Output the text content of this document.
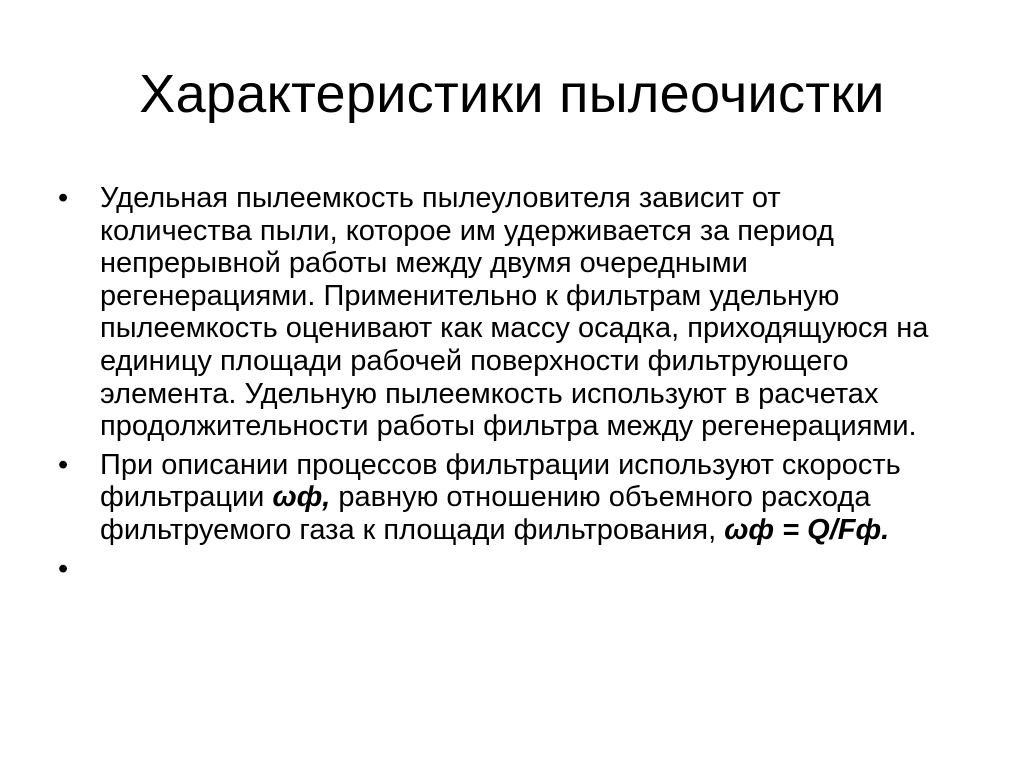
Характеристики пылеочистки
•	Удельная пылеемкость пылеуловителя зависит от количества пыли, которое им удерживается за период непрерывной работы между двумя очередными регенерациями. Применительно к фильтрам удельную пылеемкость оценивают как массу осадка, приходящуюся на единицу площади рабочей поверхности фильтрующего элемента. Удельную пылеемкость используют в расчетах продолжительности работы фильтра между регенерациями.
•	При описании процессов фильтрации используют скорость фильтрации ωф, равную отношению объемного расхода фильтруемого газа к площади фильтрования, ωф = Q/Fф.
•
